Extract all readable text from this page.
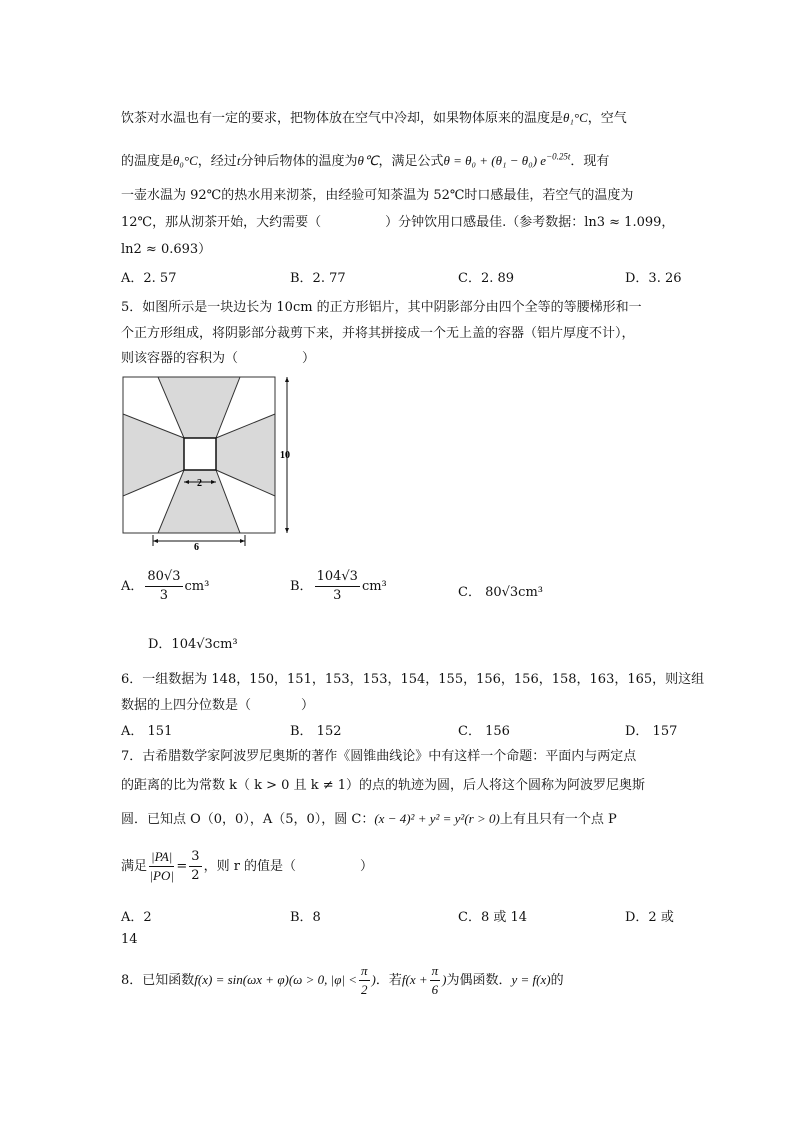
饮茶对水温也有一定的要求，把物体放在空气中冷却，如果物体原来的温度是θ₁°C，空气
的温度是θ₀°C，经过t分钟后物体的温度为θ℃，满足公式θ = θ₀ + (θ₁ − θ₀) $e^{-0.25t}$．现有
一壶水温为 92℃的热水用来沏茶，由经验可知茶温为 52℃时口感最佳，若空气的温度为
12℃，那从沏茶开始，大约需要（	）分钟饮用口感最佳.（参考数据：ln3 ≈ 1.099，
ln2 ≈ 0.693）
A．2. 57	B．2. 77	C．2. 89	D．3. 26
5．如图所示是一块边长为 10cm 的正方形铝片，其中阴影部分由四个全等的等腰梯形和一
个正方形组成，将阴影部分裁剪下来，并将其拼接成一个无上盖的容器（铝片厚度不计），
则该容器的容积为（	）
2
6
10
A． $\frac{80√3}{3} cm^3$	B． $\frac{104√3}{3} cm^3$	C． 80√3cm³
D．104√3cm³
6．一组数据为 148，150，151，153，153，154，155，156，156，158，163，165，则这组
数据的上四分位数是（	）
A． 151	B． 152	C． 156	D． 157
7．古希腊数学家阿波罗尼奥斯的著作《圆锥曲线论》中有这样一个命题：平面内与两定点
的距离的比为常数 k（ k > 0 且 k ≠ 1）的点的轨迹为圆，后人将这个圆称为阿波罗尼奥斯
圆．已知点 O（0，0），A（5，0），圆 C：(x − 4)² + y² = y²(r > 0)上有且只有一个点 P
满足 $\frac{|PA|}{|PO|} = \frac{3}{2}$ ，则 r 的值是（	）
A．2	B．8	C．8 或 14	D．2 或
14
8．已知函数f(x) = sin(ωx + φ)(ω > 0, $|\varphi| < \frac{\pi}{2}$ )．若$f(x + \frac{\pi}{6}$ )为偶函数．y = f(x)的
